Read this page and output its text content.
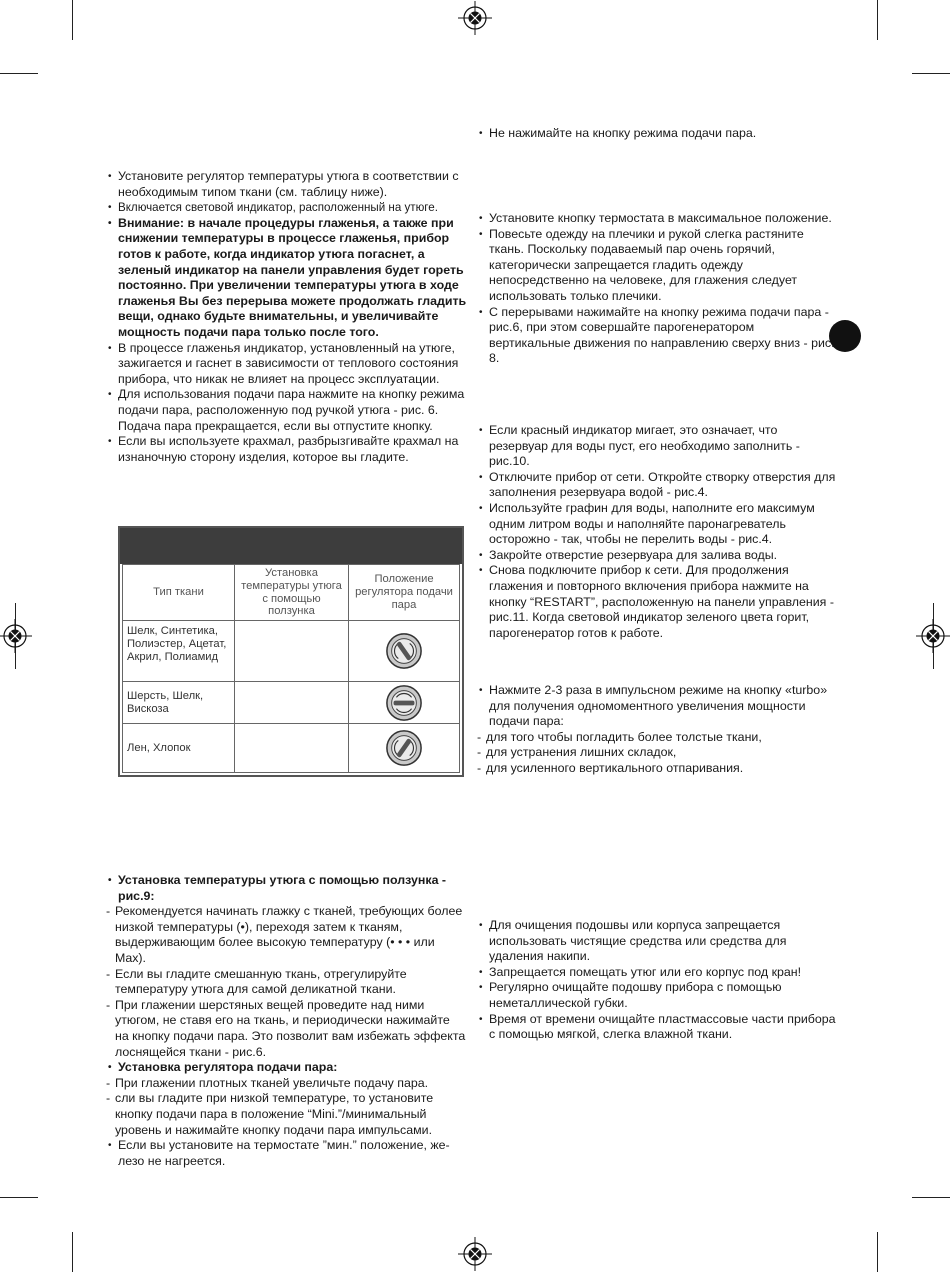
• Установите регулятор температуры утюга в соответствии с необходимым типом ткани (см. таблицу ниже).

• Включается световой индикатор, расположенный на утюге.

• Внимание: в начале процедуры глаженья, а также при снижении температуры в процессе глаженья, прибор готов к работе, когда индикатор утюга погаснет, а зеленый индикатор на панели управления будет гореть постоянно. При увеличении температуры утюга в ходе глаженья Вы без перерыва можете продолжать гладить вещи, однако будьте внимательны, и увеличивайте мощность подачи пара только после того.

• В процессе глаженья индикатор, установленный на утюге, зажигается и гаснет в зависимости от теплового состояния прибора, что никак не влияет на процесс эксплуатации.

• Для использования подачи пара нажмите на кнопку режима подачи пара, расположенную под ручкой утюга - рис. 6. Подача пара прекращается, если вы отпустите кнопку.

• Если вы используете крахмал, разбрызгивайте крахмал на изнаночную сторону изделия, которое вы гладите.

Тип ткани
Установка температуры утюга с помощью ползунка
Положение регулятора подачи пара
Шелк, Синтетика, Полиэстер, Ацетат, Акрил, Полиамид
Шерсть, Шелк, Вискоза
Лен, Хлопок

• Установка температуры утюга с помощью ползунка - рис.9:

- Рекомендуется начинать глажку с тканей, требующих более низкой температуры (•), переходя затем к тканям, выдерживающим более высокую температуру (• • • или Max).

- Если вы гладите смешанную ткань, отрегулируйте температуру утюга для самой деликатной ткани.

- При глажении шерстяных вещей проведите над ними утюгом, не ставя его на ткань, и периодически нажимайте на кнопку подачи пара. Это позволит вам избежать эффекта лоснящейся ткани - рис.6.

• Установка регулятора подачи пара:

- При глажении плотных тканей увеличьте подачу пара.

- сли вы гладите при низкой температуре, то установите кнопку подачи пара в положение “Mini.”/минимальный уровень и нажимайте кнопку подачи пара импульсами.

• Если вы установите на термостате ”мин.” положение, же-лезо не нагреется.

• Не нажимайте на кнопку режима подачи пара.

• Установите кнопку термостата в максимальное положение.

• Повесьте одежду на плечики и рукой слегка растяните ткань. Поскольку подаваемый пар очень горячий, категорически запрещается гладить одежду непосредственно на человеке, для глажения следует использовать только плечики.

• С перерывами нажимайте на кнопку режима подачи пара - рис.6, при этом совершайте парогенератором вертикальные движения по направлению сверху вниз - рис. 8.

• Если красный индикатор мигает, это означает, что резервуар для воды пуст, его необходимо заполнить - рис.10.

• Отключите прибор от сети. Откройте створку отверстия для заполнения резервуара водой - рис.4.

• Используйте графин для воды, наполните его максимум одним литром воды и наполняйте паронагреватель осторожно - так, чтобы не перелить воды - рис.4.

• Закройте отверстие резервуара для залива воды.

• Снова подключите прибор к сети. Для продолжения глажения и повторного включения прибора нажмите на кнопку “RESTART”, расположенную на панели управления - рис.11. Когда световой индикатор зеленого цвета горит, парогенератор готов к работе.

• Нажмите 2-3 раза в импульсном режиме на кнопку «turbo» для получения одномоментного увеличения мощности подачи пара:

- для того чтобы погладить более толстые ткани,

- для устранения лишних складок,

- для усиленного вертикального отпаривания.

• Для очищения подошвы или корпуса запрещается использовать чистящие средства или средства для удаления накипи.

• Запрещается помещать утюг или его корпус под кран!

• Регулярно очищайте подошву прибора с помощью неметаллической губки.

• Время от времени очищайте пластмассовые части прибора с помощью мягкой, слегка влажной ткани.
